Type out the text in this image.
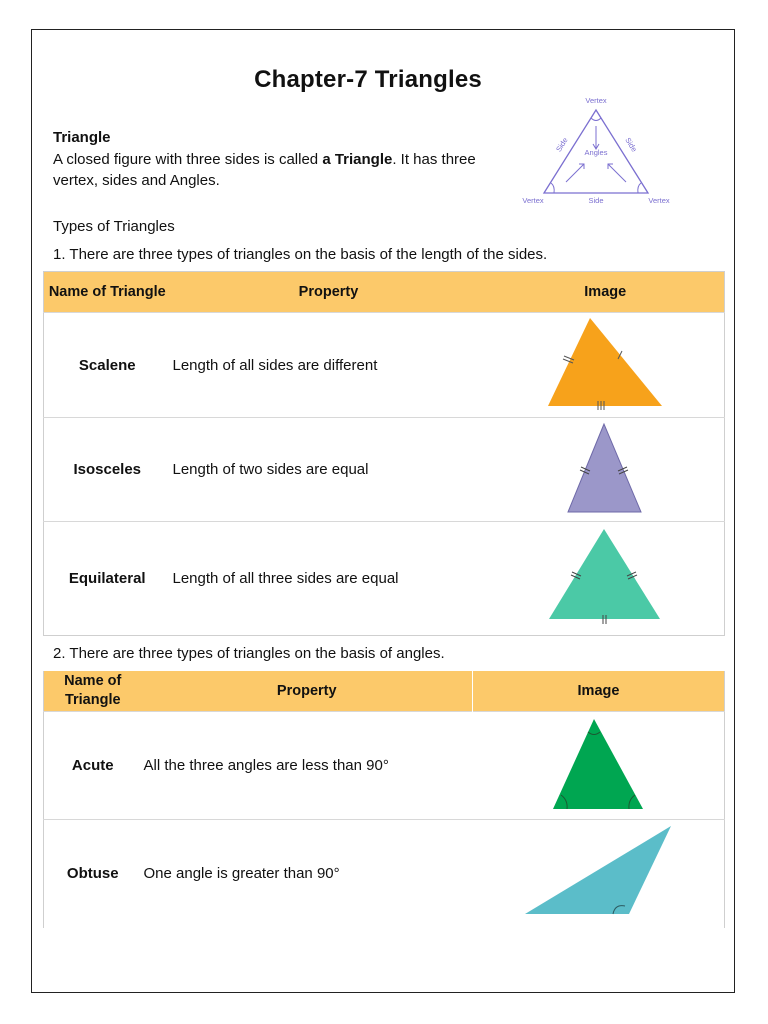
Chapter-7 Triangles
Triangle
A closed figure with three sides is called a Triangle. It has three vertex, sides and Angles.
Vertex
Vertex	Vertex
Side
Angles
Side	Side
Types of Triangles
1. There are three types of triangles on the basis of the length of the sides.
Name of Triangle	Property	Image
Scalene	Length of all sides are different	
Isosceles	Length of two sides are equal	
Equilateral	Length of all three sides are equal	
2. There are three types of triangles on the basis of angles.
Name of Triangle	Property	Image
Acute	All the three angles are less than 90°	
Obtuse	One angle is greater than 90°	
